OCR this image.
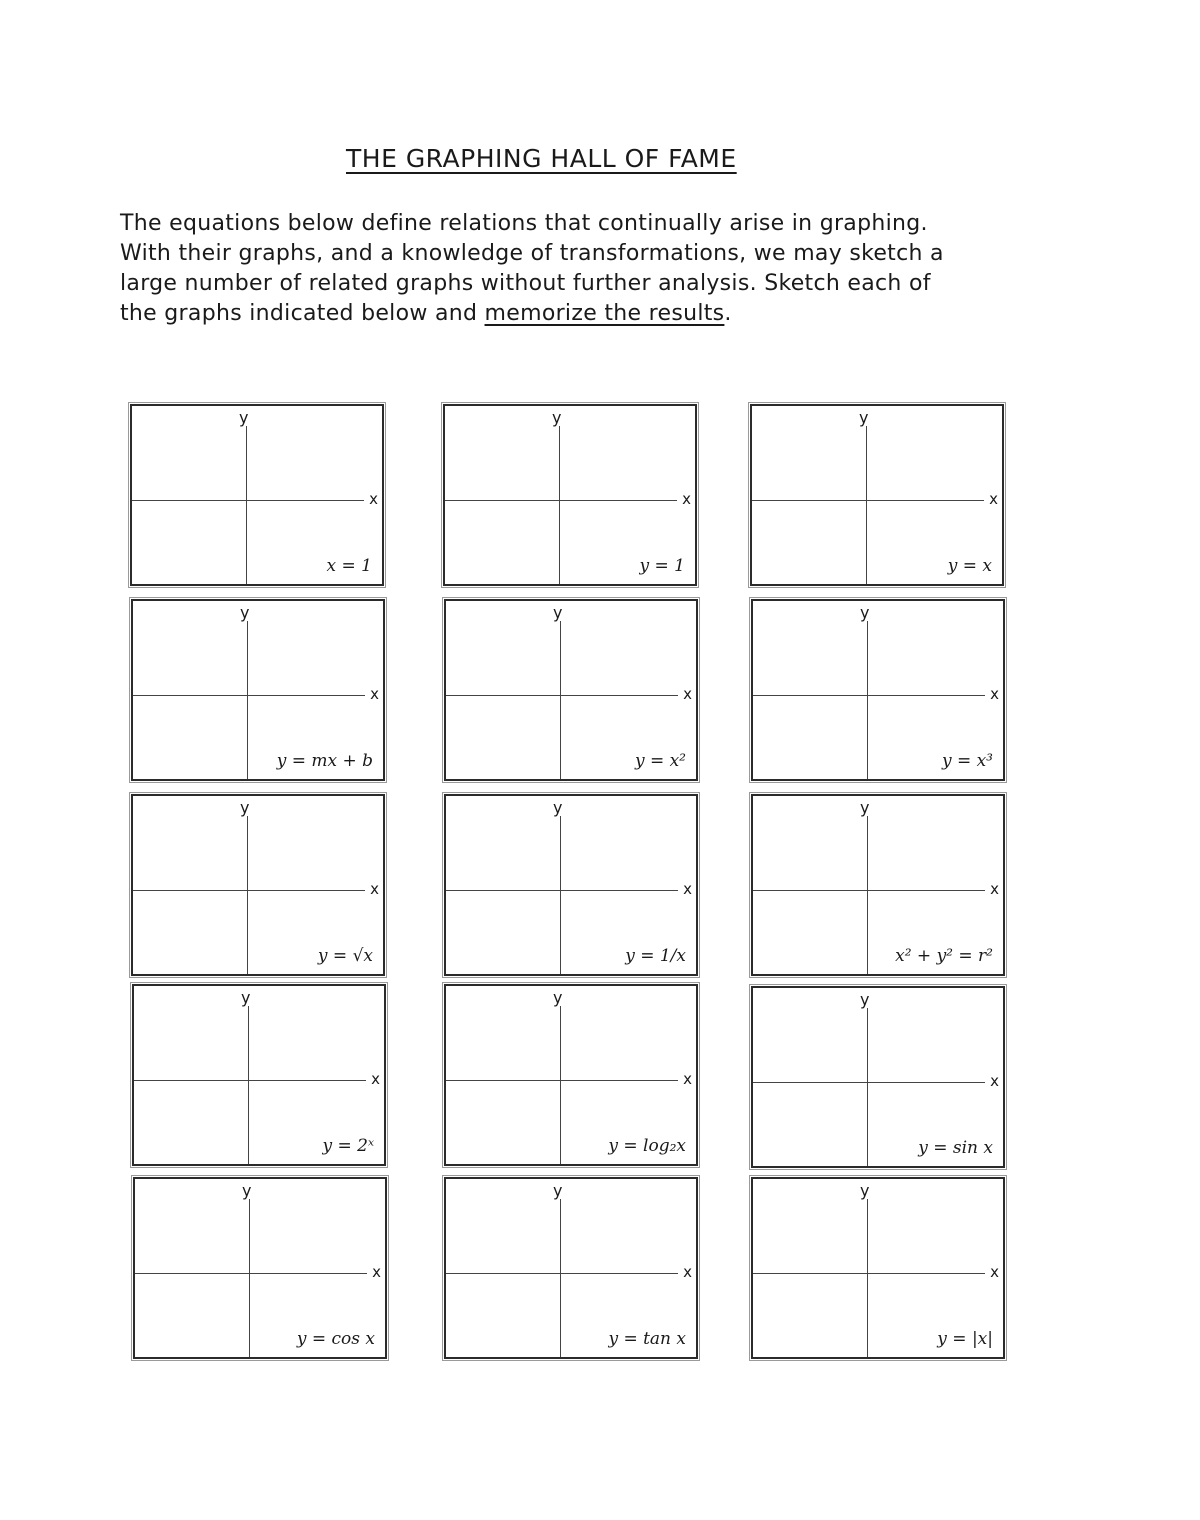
THE GRAPHING HALL OF FAME

The equations below define relations that continually arise in graphing.

With their graphs, and a knowledge of transformations, we may sketch a

large number of related graphs without further analysis. Sketch each of

the graphs indicated below and memorize the results.

y
x
x = 1
y
x
y = 1
y
x
y = x
y
x
y = mx + b
y
x
y = x²
y
x
y = x³
y
x
y = √x
y
x
y = 1/x
y
x
x² + y² = r²
y
x
y = 2ˣ
y
x
y = log₂x
y
x
y = sin x
y
x
y = cos x
y
x
y = tan x
y
x
y = |x|
